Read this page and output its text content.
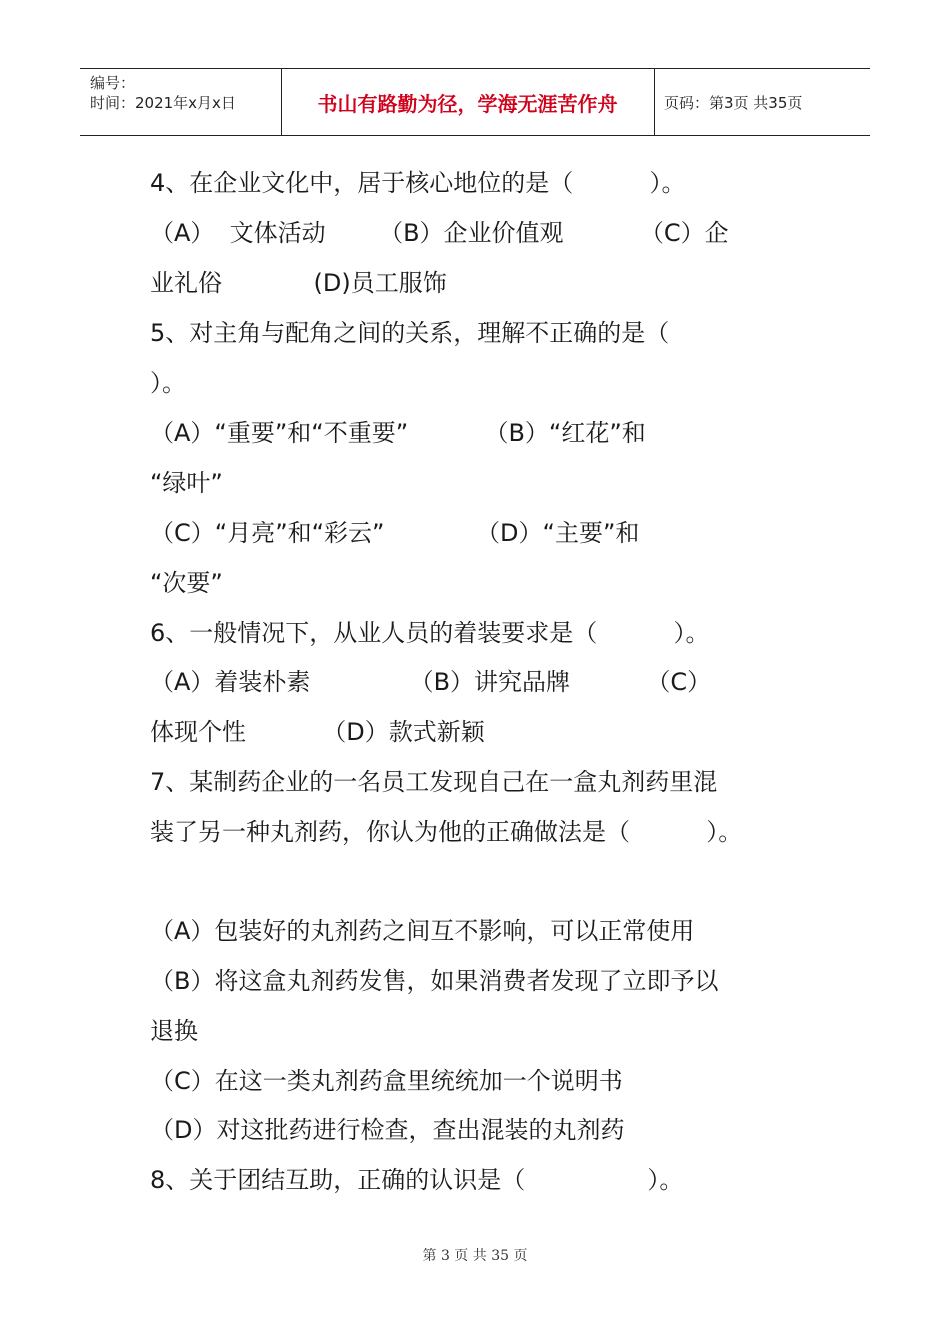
编号：
时间：2021年x月x日	书山有路勤为径，学海无涯苦作舟	页码：第3页 共35页
4、在企业文化中，居于核心地位的是（          ）。
（A）  文体活动       （B）企业价值观          （C）企
业礼俗            (D)员工服饰
5、对主角与配角之间的关系，理解不正确的是（
）。
（A）“重要”和“不重要”          （B）“红花”和
“绿叶”
（C）“月亮”和“彩云”            （D）“主要”和
“次要”
6、一般情况下，从业人员的着装要求是（          ）。
（A）着装朴素             （B）讲究品牌          （C）
体现个性          （D）款式新颖
7、某制药企业的一名员工发现自己在一盒丸剂药里混
装了另一种丸剂药，你认为他的正确做法是（          ）。
（A）包装好的丸剂药之间互不影响，可以正常使用
（B）将这盒丸剂药发售，如果消费者发现了立即予以
退换
（C）在这一类丸剂药盒里统统加一个说明书
（D）对这批药进行检查，查出混装的丸剂药
8、关于团结互助，正确的认识是（                ）。
第 3 页 共 35 页
